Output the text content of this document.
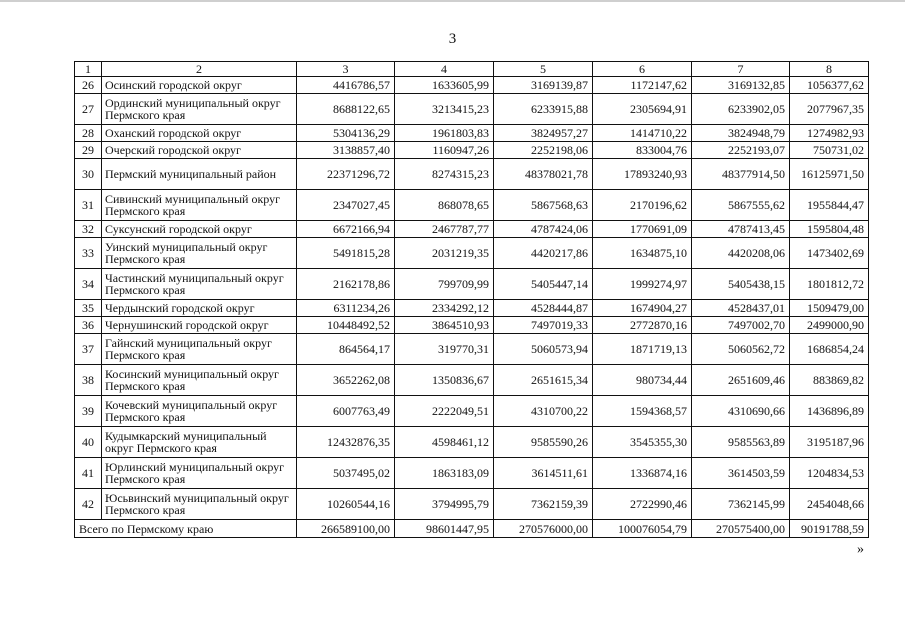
3
1	2	3	4	5	6	7	8
26	Осинский городской округ	4416786,57	1633605,99	3169139,87	1172147,62	3169132,85	1056377,62
27	Ординский муниципальный округ Пермского края	8688122,65	3213415,23	6233915,88	2305694,91	6233902,05	2077967,35
28	Оханский городской округ	5304136,29	1961803,83	3824957,27	1414710,22	3824948,79	1274982,93
29	Очерский городской округ	3138857,40	1160947,26	2252198,06	833004,76	2252193,07	750731,02
30	Пермский муниципальный район	22371296,72	8274315,23	48378021,78	17893240,93	48377914,50	16125971,50
31	Сивинский муниципальный округ Пермского края	2347027,45	868078,65	5867568,63	2170196,62	5867555,62	1955844,47
32	Суксунский городской округ	6672166,94	2467787,77	4787424,06	1770691,09	4787413,45	1595804,48
33	Уинский муниципальный округ Пермского края	5491815,28	2031219,35	4420217,86	1634875,10	4420208,06	1473402,69
34	Частинский муниципальный округ Пермского края	2162178,86	799709,99	5405447,14	1999274,97	5405438,15	1801812,72
35	Чердынский городской округ	6311234,26	2334292,12	4528444,87	1674904,27	4528437,01	1509479,00
36	Чернушинский городской округ	10448492,52	3864510,93	7497019,33	2772870,16	7497002,70	2499000,90
37	Гайнский муниципальный округ Пермского края	864564,17	319770,31	5060573,94	1871719,13	5060562,72	1686854,24
38	Косинский муниципальный округ Пермского края	3652262,08	1350836,67	2651615,34	980734,44	2651609,46	883869,82
39	Кочевский муниципальный округ Пермского края	6007763,49	2222049,51	4310700,22	1594368,57	4310690,66	1436896,89
40	Кудымкарский муниципальный округ Пермского края	12432876,35	4598461,12	9585590,26	3545355,30	9585563,89	3195187,96
41	Юрлинский муниципальный округ Пермского края	5037495,02	1863183,09	3614511,61	1336874,16	3614503,59	1204834,53
42	Юсьвинский муниципальный округ Пермского края	10260544,16	3794995,79	7362159,39	2722990,46	7362145,99	2454048,66
Всего по Пермскому краю		266589100,00	98601447,95	270576000,00	100076054,79	270575400,00	90191788,59
»
